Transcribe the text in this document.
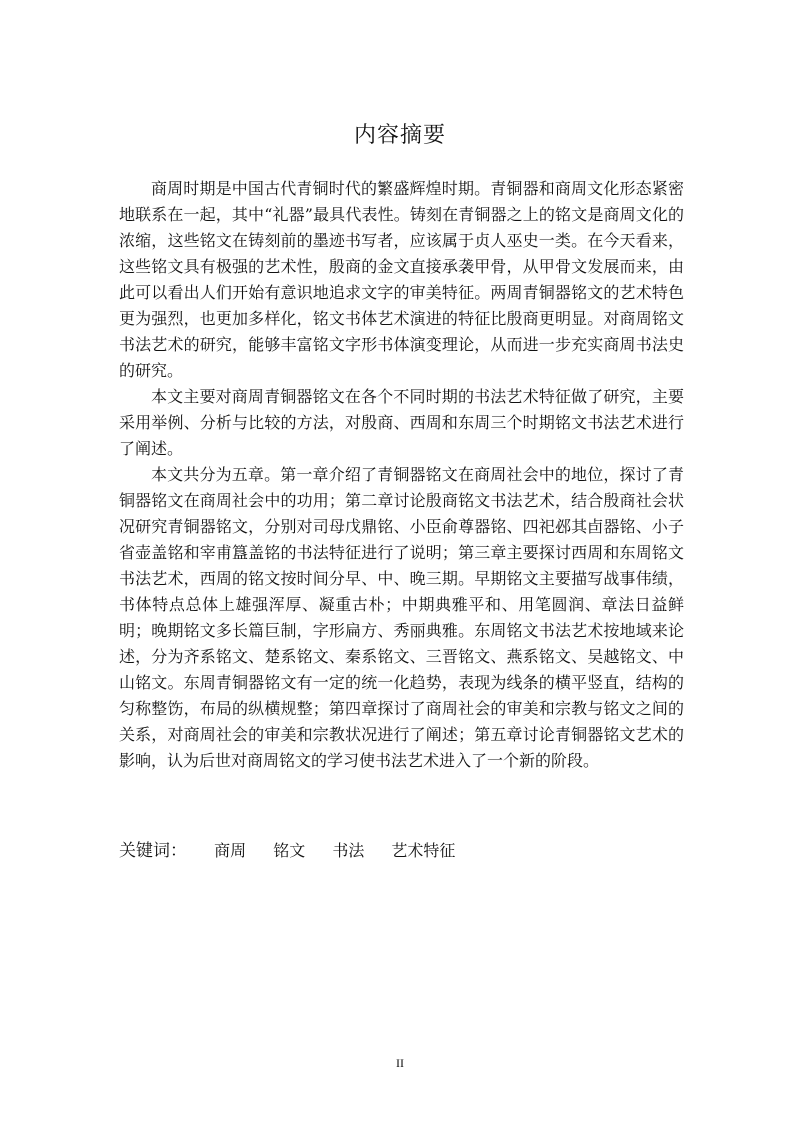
内容摘要

商周时期是中国古代青铜时代的繁盛辉煌时期。青铜器和商周文化形态紧密地联系在一起，其中“礼器”最具代表性。铸刻在青铜器之上的铭文是商周文化的浓缩，这些铭文在铸刻前的墨迹书写者，应该属于贞人巫史一类。在今天看来，这些铭文具有极强的艺术性，殷商的金文直接承袭甲骨，从甲骨文发展而来，由此可以看出人们开始有意识地追求文字的审美特征。两周青铜器铭文的艺术特色更为强烈，也更加多样化，铭文书体艺术演进的特征比殷商更明显。对商周铭文书法艺术的研究，能够丰富铭文字形书体演变理论，从而进一步充实商周书法史的研究。

本文主要对商周青铜器铭文在各个不同时期的书法艺术特征做了研究，主要采用举例、分析与比较的方法，对殷商、西周和东周三个时期铭文书法艺术进行了阐述。

本文共分为五章。第一章介绍了青铜器铭文在商周社会中的地位，探讨了青铜器铭文在商周社会中的功用；第二章讨论殷商铭文书法艺术，结合殷商社会状况研究青铜器铭文，分别对司母戊鼎铭、小臣俞尊器铭、四祀邲其卣器铭、小子省壶盖铭和宰甫簋盖铭的书法特征进行了说明；第三章主要探讨西周和东周铭文书法艺术，西周的铭文按时间分早、中、晚三期。早期铭文主要描写战事伟绩，书体特点总体上雄强浑厚、凝重古朴；中期典雅平和、用笔圆润、章法日益鲜明；晚期铭文多长篇巨制，字形扁方、秀丽典雅。东周铭文书法艺术按地域来论述，分为齐系铭文、楚系铭文、秦系铭文、三晋铭文、燕系铭文、吴越铭文、中山铭文。东周青铜器铭文有一定的统一化趋势，表现为线条的横平竖直，结构的匀称整饬，布局的纵横规整；第四章探讨了商周社会的审美和宗教与铭文之间的关系，对商周社会的审美和宗教状况进行了阐述；第五章讨论青铜器铭文艺术的影响，认为后世对商周铭文的学习使书法艺术进入了一个新的阶段。

关键词： 商周 铭文 书法 艺术特征
II
